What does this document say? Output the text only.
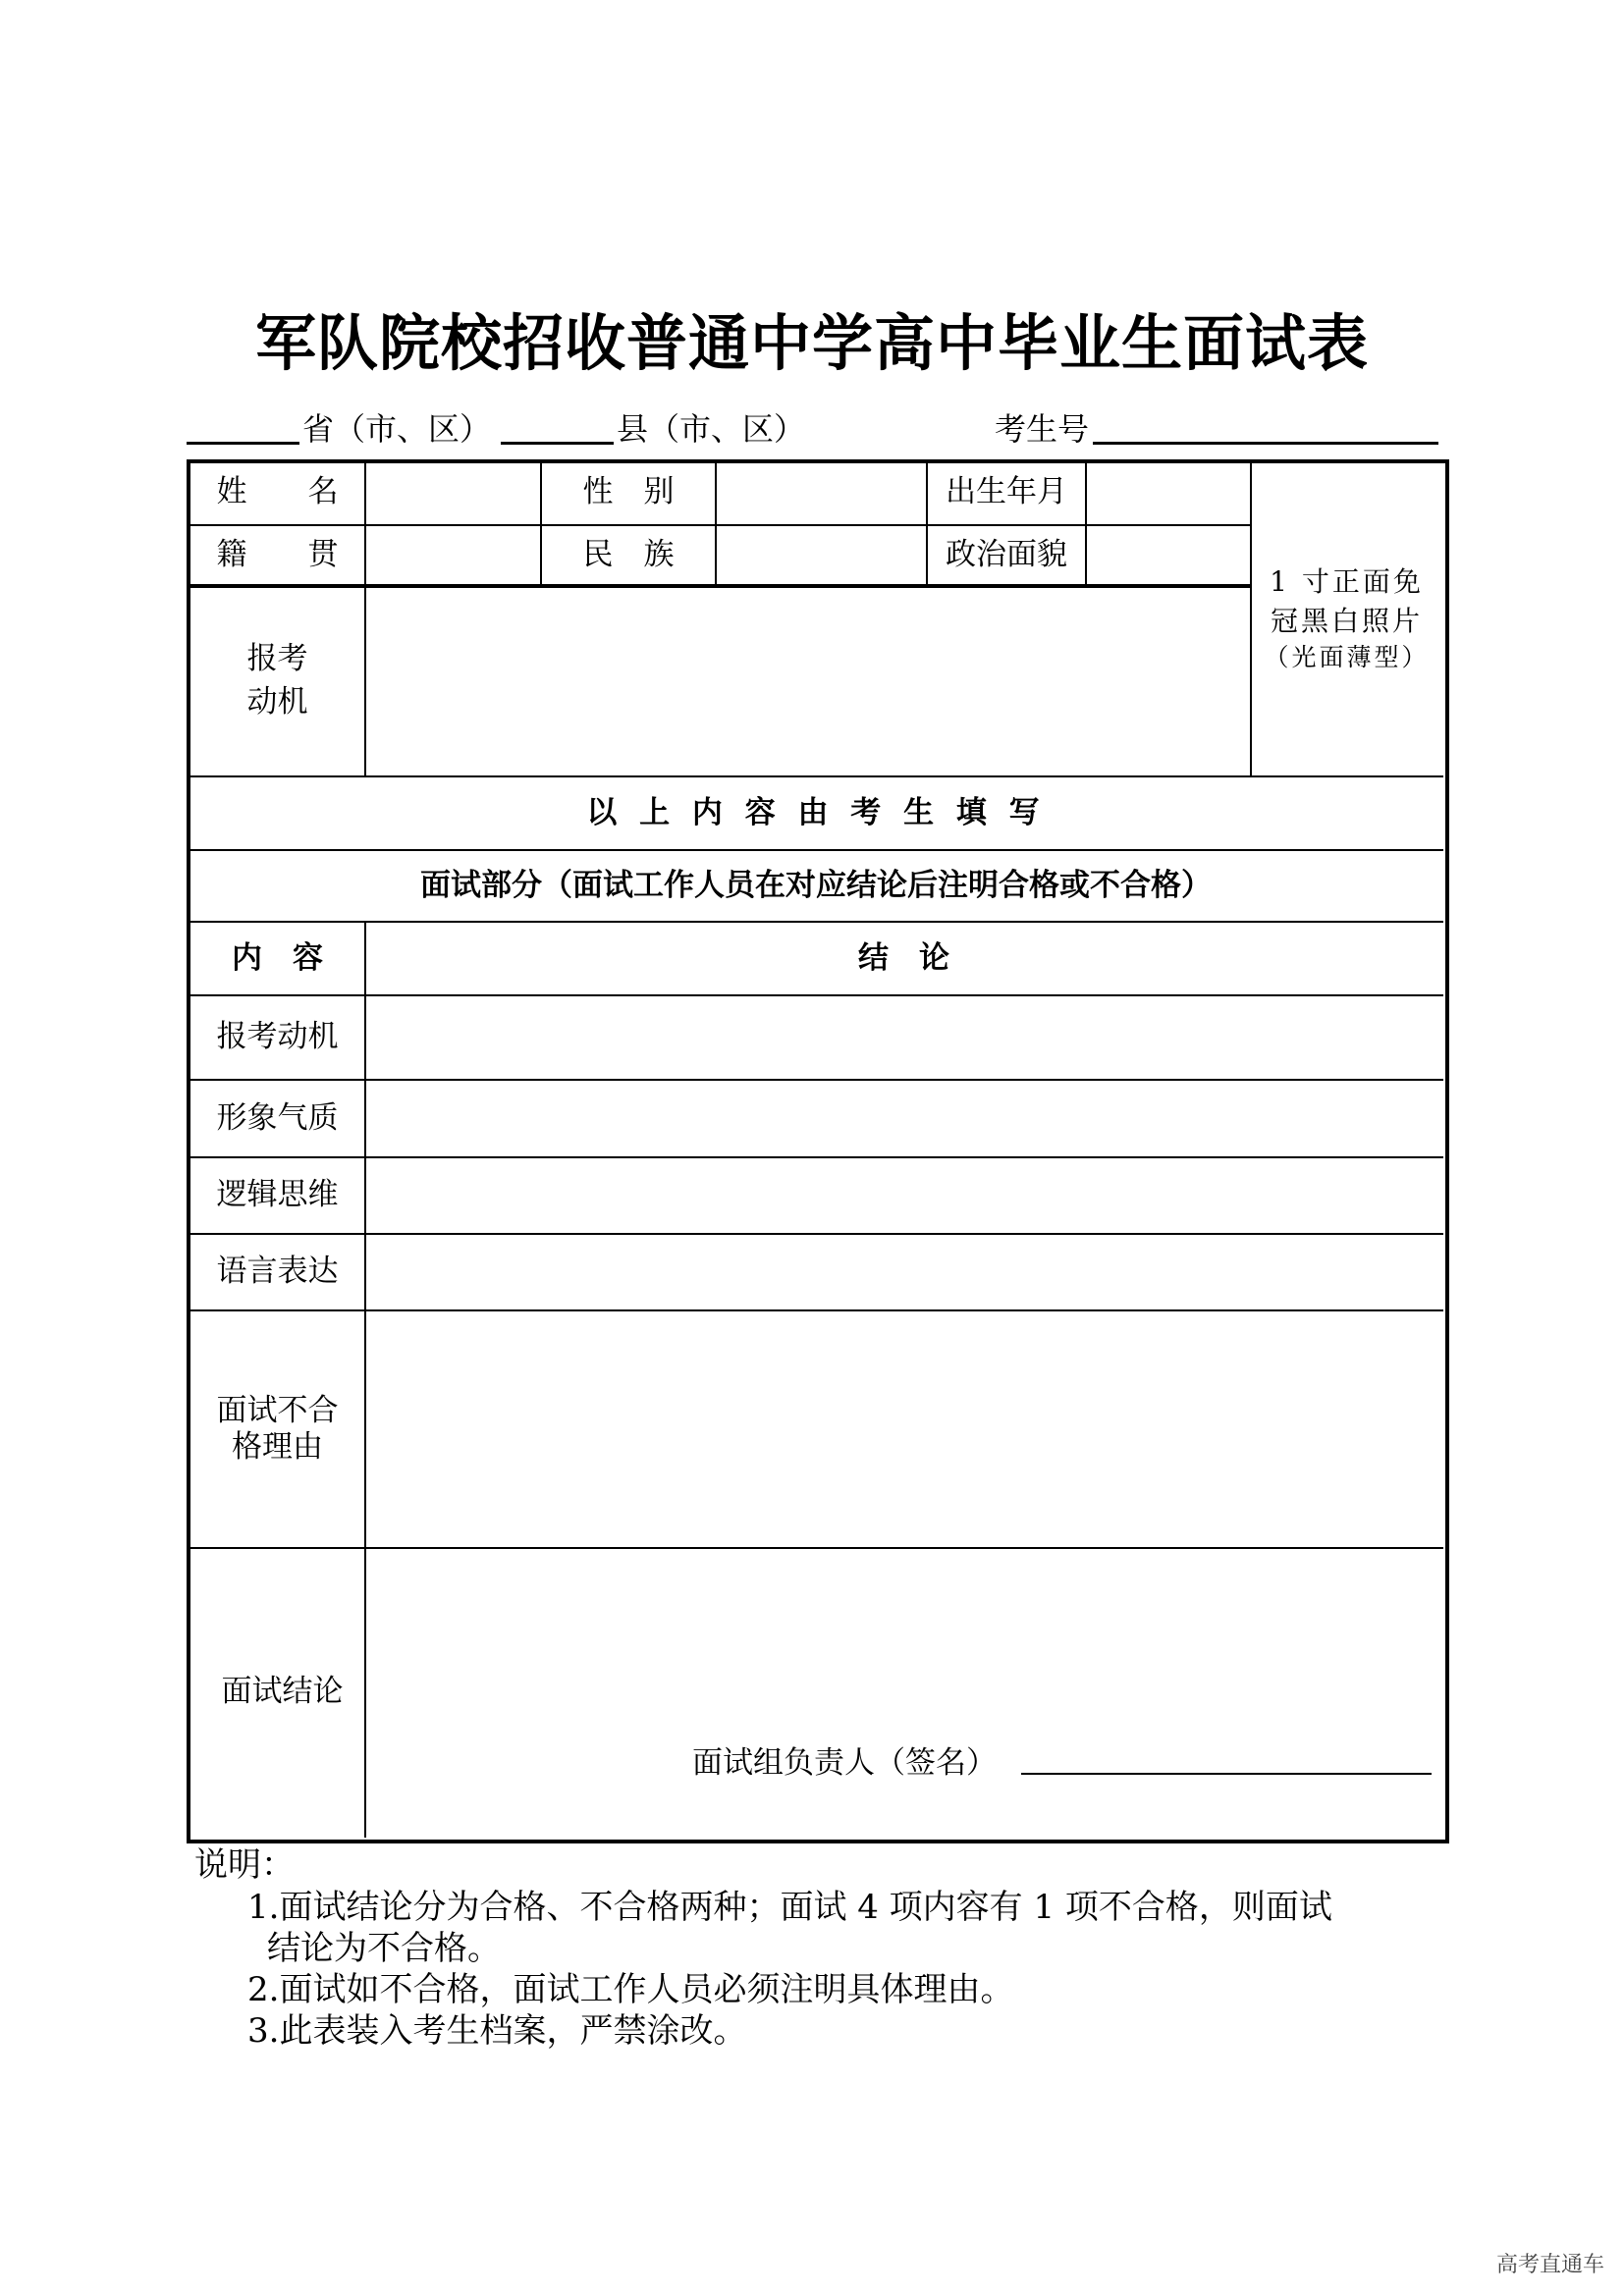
军队院校招收普通中学高中毕业生面试表
省（市、区）	县（市、区）	考生号
姓　　名	性　别	出生年月
籍　　贯	民　族	政治面貌
1 寸正面免
冠黑白照片
（光面薄型）
报考
动机
以 上 内 容 由 考 生 填 写
面试部分（面试工作人员在对应结论后注明合格或不合格）
内　容	结　论
报考动机
形象气质
逻辑思维
语言表达
面试不合
格理由
面试结论
面试组负责人（签名）
说明：
1.面试结论分为合格、不合格两种；面试 4 项内容有 1 项不合格，则面试
结论为不合格。
2.面试如不合格，面试工作人员必须注明具体理由。
3.此表装入考生档案，严禁涂改。
高考直通车
